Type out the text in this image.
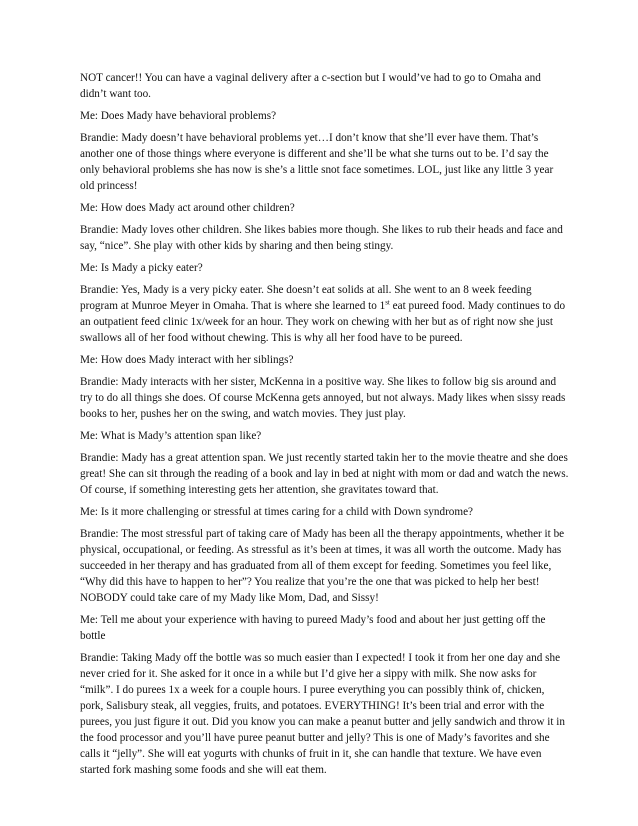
NOT cancer!! You can have a vaginal delivery after a c-section but I would’ve had to go to Omaha and didn’t want too.

Me: Does Mady have behavioral problems?

Brandie: Mady doesn’t have behavioral problems yet…I don’t know that she’ll ever have them. That’s another one of those things where everyone is different and she’ll be what she turns out to be. I’d say the only behavioral problems she has now is she’s a little snot face sometimes. LOL, just like any little 3 year old princess!

Me: How does Mady act around other children?

Brandie: Mady loves other children. She likes babies more though. She likes to rub their heads and face and say, “nice”. She play with other kids by sharing and then being stingy.

Me: Is Mady a picky eater?

Brandie: Yes, Mady is a very picky eater. She doesn’t eat solids at all. She went to an 8 week feeding program at Munroe Meyer in Omaha. That is where she learned to 1st eat pureed food. Mady continues to do an outpatient feed clinic 1x/week for an hour. They work on chewing with her but as of right now she just swallows all of her food without chewing. This is why all her food have to be pureed.

Me: How does Mady interact with her siblings?

Brandie: Mady interacts with her sister, McKenna in a positive way. She likes to follow big sis around and try to do all things she does. Of course McKenna gets annoyed, but not always. Mady likes when sissy reads books to her, pushes her on the swing, and watch movies. They just play.

Me: What is Mady’s attention span like?

Brandie: Mady has a great attention span. We just recently started takin her to the movie theatre and she does great! She can sit through the reading of a book and lay in bed at night with mom or dad and watch the news. Of course, if something interesting gets her attention, she gravitates toward that.

Me: Is it more challenging or stressful at times caring for a child with Down syndrome?

Brandie: The most stressful part of taking care of Mady has been all the therapy appointments, whether it be physical, occupational, or feeding. As stressful as it’s been at times, it was all worth the outcome. Mady has succeeded in her therapy and has graduated from all of them except for feeding. Sometimes you feel like, “Why did this have to happen to her”? You realize that you’re the one that was picked to help her best! NOBODY could take care of my Mady like Mom, Dad, and Sissy!

Me: Tell me about your experience with having to pureed Mady’s food and about her just getting off the bottle

Brandie: Taking Mady off the bottle was so much easier than I expected! I took it from her one day and she never cried for it. She asked for it once in a while but I’d give her a sippy with milk. She now asks for “milk”. I do purees 1x a week for a couple hours. I puree everything you can possibly think of, chicken, pork, Salisbury steak, all veggies, fruits, and potatoes. EVERYTHING! It’s been trial and error with the purees, you just figure it out. Did you know you can make a peanut butter and jelly sandwich and throw it in the food processor and you’ll have puree peanut butter and jelly? This is one of Mady’s favorites and she calls it “jelly”. She will eat yogurts with chunks of fruit in it, she can handle that texture. We have even started fork mashing some foods and she will eat them.
